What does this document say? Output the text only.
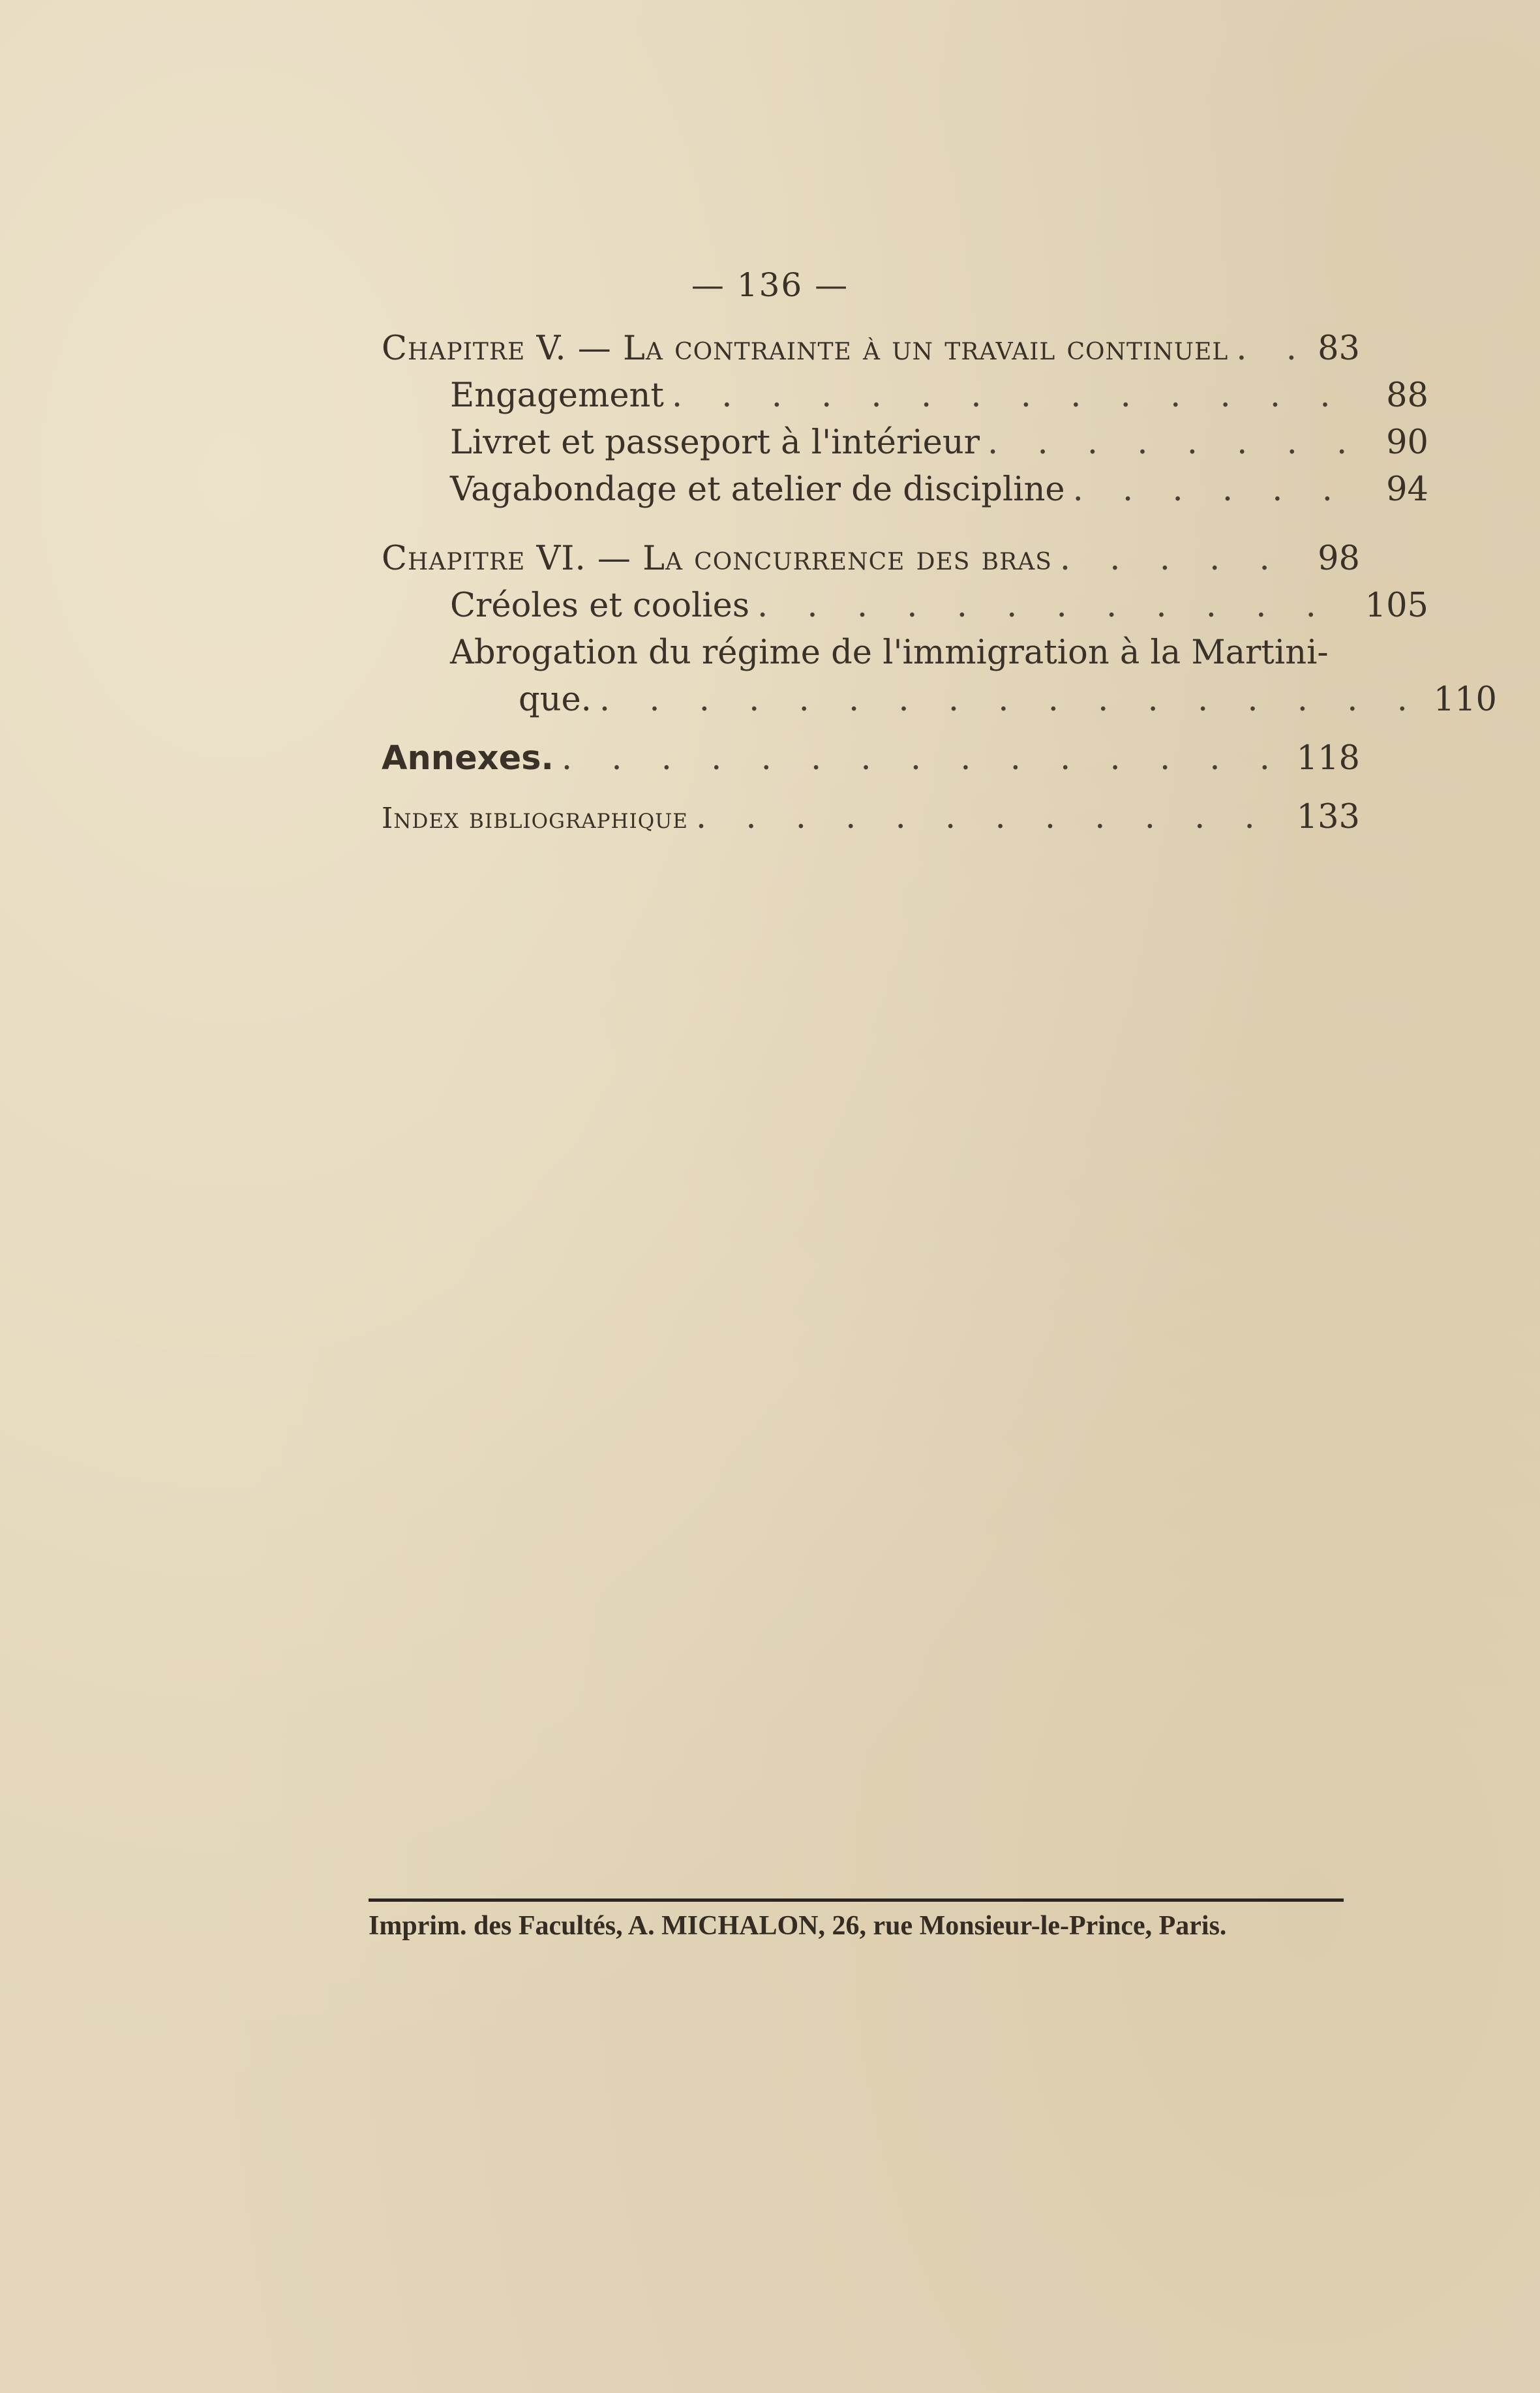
— 136 —
Chapitre V. — La contrainte à un travail continuel . . .	83
Engagement . . .	88
Livret et passeport à l'intérieur . . .	90
Vagabondage et atelier de discipline . . .	94
Chapitre VI. — La concurrence des bras . . .	98
Créoles et coolies . . .	105
Abrogation du régime de l'immigration à la Martini-
que. . . .	110
Annexes. . . .	118
Index bibliographique . . .	133
Imprim. des Facultés, A. MICHALON, 26, rue Monsieur-le-Prince, Paris.
